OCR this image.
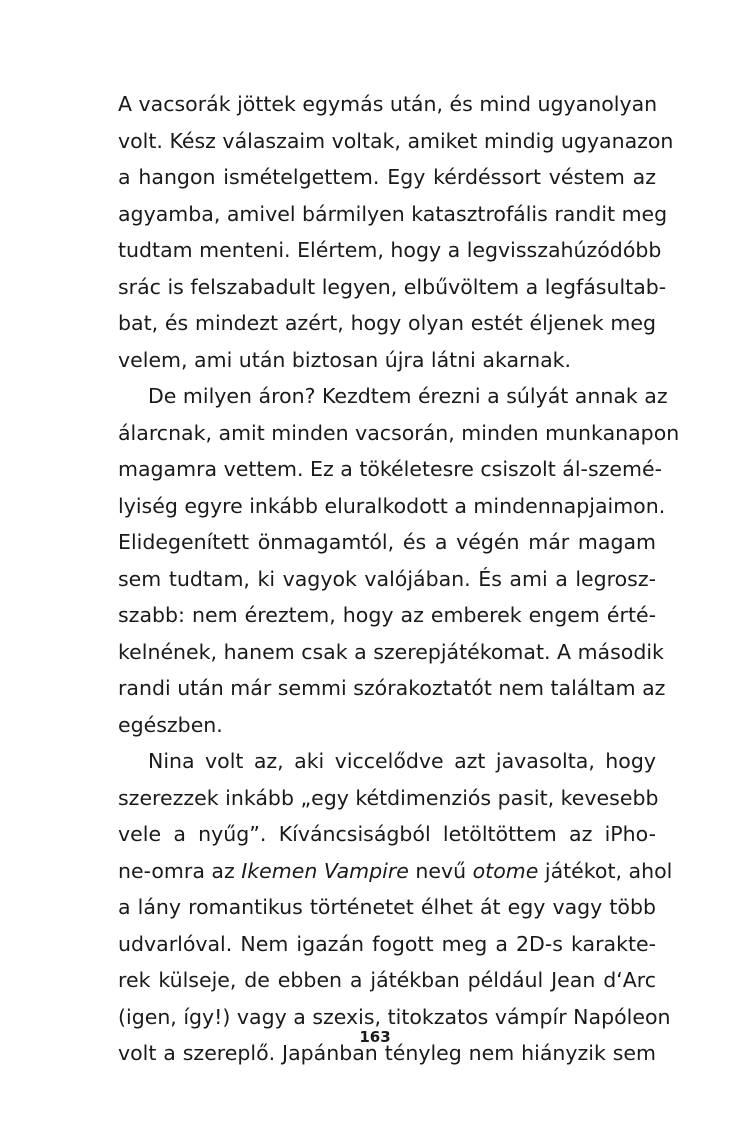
A vacsorák jöttek egymás után, és mind ugyanolyan
volt. Kész válaszaim voltak, amiket mindig ugyanazon
a hangon ismételgettem. Egy kérdéssort véstem az
agyamba, amivel bármilyen katasztrofális randit meg
tudtam menteni. Elértem, hogy a legvisszahúzódóbb
srác is felszabadult legyen, elbűvöltem a legfásultab-
bat, és mindezt azért, hogy olyan estét éljenek meg
velem, ami után biztosan újra látni akarnak.
De milyen áron? Kezdtem érezni a súlyát annak az
álarcnak, amit minden vacsorán, minden munkanapon
magamra vettem. Ez a tökéletesre csiszolt ál-szemé-
lyiség egyre inkább eluralkodott a mindennapjaimon.
Elidegenített önmagamtól, és a végén már magam
sem tudtam, ki vagyok valójában. És ami a legrosz-
szabb: nem éreztem, hogy az emberek engem érté-
kelnének, hanem csak a szerepjátékomat. A második
randi után már semmi szórakoztatót nem találtam az
egészben.
Nina volt az, aki viccelődve azt javasolta, hogy
szerezzek inkább „egy kétdimenziós pasit, kevesebb
vele a nyűg”. Kíváncsiságból letöltöttem az iPho-
ne-omra az Ikemen Vampire nevű otome játékot, ahol
a lány romantikus történetet élhet át egy vagy több
udvarlóval. Nem igazán fogott meg a 2D-s karakte-
rek külseje, de ebben a játékban például Jean d‘Arc
(igen, így!) vagy a szexis, titokzatos vámpír Napóleon
volt a szereplő. Japánban tényleg nem hiányzik sem
163
